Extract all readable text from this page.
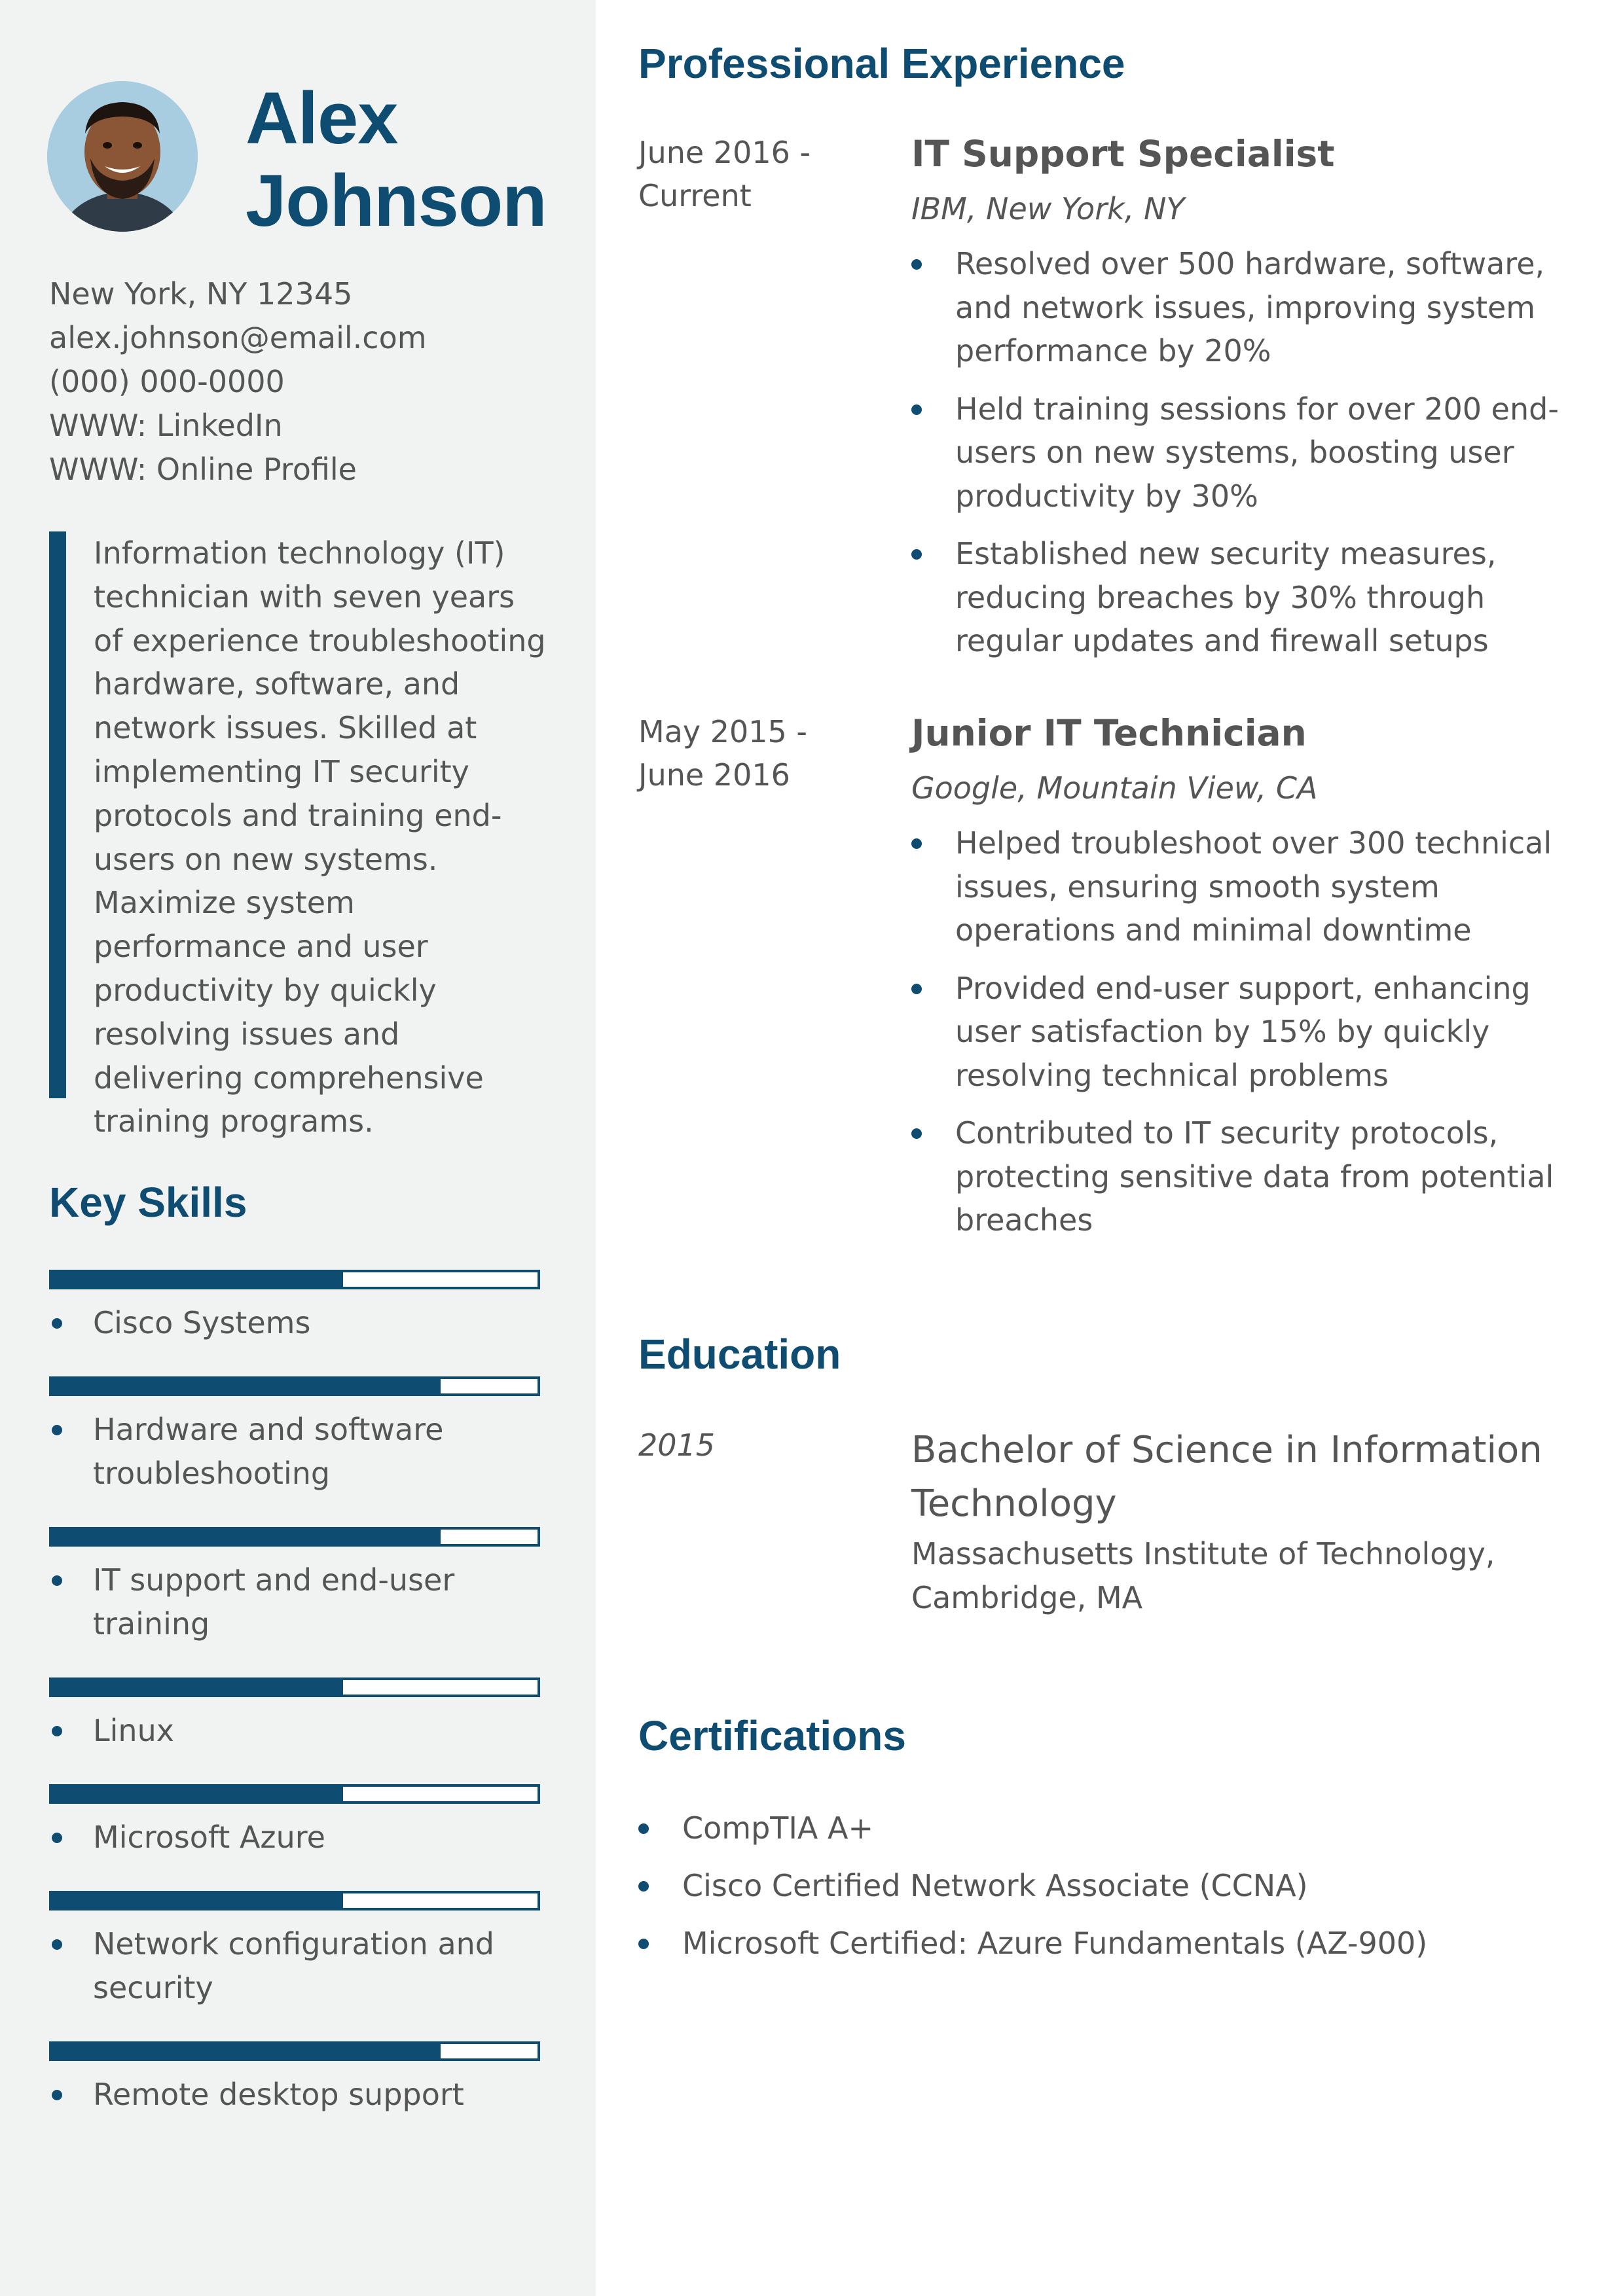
Alex
Johnson
New York, NY 12345
alex.johnson@email.com
(000) 000-0000
WWW: LinkedIn
WWW: Online Profile
Information technology (IT) technician with seven years of experience troubleshooting hardware, software, and network issues. Skilled at implementing IT security protocols and training end-users on new systems. Maximize system performance and user productivity by quickly resolving issues and delivering comprehensive training programs.
Key Skills
Cisco Systems
Hardware and software troubleshooting
IT support and end-user training
Linux
Microsoft Azure
Network configuration and security
Remote desktop support
Professional Experience
June 2016 - Current
IT Support Specialist
IBM, New York, NY
Resolved over 500 hardware, software, and network issues, improving system performance by 20%
Held training sessions for over 200 end-users on new systems, boosting user productivity by 30%
Established new security measures, reducing breaches by 30% through regular updates and firewall setups
May 2015 - June 2016
Junior IT Technician
Google, Mountain View, CA
Helped troubleshoot over 300 technical issues, ensuring smooth system operations and minimal downtime
Provided end-user support, enhancing user satisfaction by 15% by quickly resolving technical problems
Contributed to IT security protocols, protecting sensitive data from potential breaches
Education
2015	Bachelor of Science in Information Technology
Massachusetts Institute of Technology, Cambridge, MA
Certifications
CompTIA A+
Cisco Certified Network Associate (CCNA)
Microsoft Certified: Azure Fundamentals (AZ-900)
